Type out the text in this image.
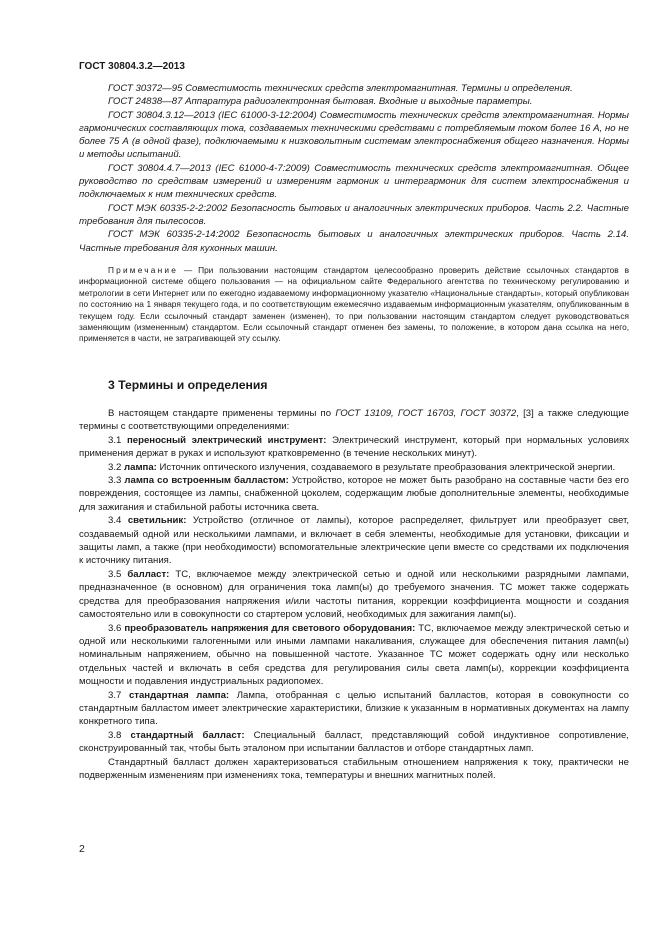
ГОСТ 30804.3.2—2013

ГОСТ 30372—95 Совместимость технических средств электромагнитная. Термины и определения.

ГОСТ 24838—87 Аппаратура радиоэлектронная бытовая. Входные и выходные параметры.

ГОСТ 30804.3.12—2013 (IEC 61000-3-12:2004) Совместимость технических средств электромагнитная. Нормы гармонических составляющих тока, создаваемых техническими средствами с потребляемым током более 16 А, но не более 75 А (в одной фазе), подключаемыми к низковольтным системам электроснабжения общего назначения. Нормы и методы испытаний.

ГОСТ 30804.4.7—2013 (IEC 61000-4-7:2009) Совместимость технических средств электромагнитная. Общее руководство по средствам измерений и измерениям гармоник и интергармоник для систем электроснабжения и подключаемых к ним технических средств.

ГОСТ МЭК 60335-2-2:2002 Безопасность бытовых и аналогичных электрических приборов. Часть 2.2. Частные требования для пылесосов.

ГОСТ МЭК 60335-2-14:2002 Безопасность бытовых и аналогичных электрических приборов. Часть 2.14. Частные требования для кухонных машин.

Примечание — При пользовании настоящим стандартом целесообразно проверить действие ссылочных стандартов в информационной системе общего пользования — на официальном сайте Федерального агентства по техническому регулированию и метрологии в сети Интернет или по ежегодно издаваемому информационному указателю «Национальные стандарты», который опубликован по состоянию на 1 января текущего года, и по соответствующим ежемесячно издаваемым информационным указателям, опубликованным в текущем году. Если ссылочный стандарт заменен (изменен), то при пользовании настоящим стандартом следует руководствоваться заменяющим (измененным) стандартом. Если ссылочный стандарт отменен без замены, то положение, в котором дана ссылка на него, применяется в части, не затрагивающей эту ссылку.

3 Термины и определения

В настоящем стандарте применены термины по ГОСТ 13109, ГОСТ 16703, ГОСТ 30372, [3] а также следующие термины с соответствующими определениями:

3.1 переносный электрический инструмент: Электрический инструмент, который при нормальных условиях применения держат в руках и используют кратковременно (в течение нескольких минут).

3.2 лампа: Источник оптического излучения, создаваемого в результате преобразования электрической энергии.

3.3 лампа со встроенным балластом: Устройство, которое не может быть разобрано на составные части без его повреждения, состоящее из лампы, снабженной цоколем, содержащим любые дополнительные элементы, необходимые для зажигания и стабильной работы источника света.

3.4 светильник: Устройство (отличное от лампы), которое распределяет, фильтрует или преобразует свет, создаваемый одной или несколькими лампами, и включает в себя элементы, необходимые для установки, фиксации и защиты ламп, а также (при необходимости) вспомогательные электрические цепи вместе со средствами их подключения к источнику питания.

3.5 балласт: ТС, включаемое между электрической сетью и одной или несколькими разрядными лампами, предназначенное (в основном) для ограничения тока ламп(ы) до требуемого значения. ТС может также содержать средства для преобразования напряжения и/или частоты питания, коррекции коэффициента мощности и создания самостоятельно или в совокупности со стартером условий, необходимых для зажигания ламп(ы).

3.6 преобразователь напряжения для светового оборудования: ТС, включаемое между электрической сетью и одной или несколькими галогенными или иными лампами накаливания, служащее для обеспечения питания ламп(ы) номинальным напряжением, обычно на повышенной частоте. Указанное ТС может содержать одну или несколько отдельных частей и включать в себя средства для регулирования силы света ламп(ы), коррекции коэффициента мощности и подавления индустриальных радиопомех.

3.7 стандартная лампа: Лампа, отобранная с целью испытаний балластов, которая в совокупности со стандартным балластом имеет электрические характеристики, близкие к указанным в нормативных документах на лампу конкретного типа.

3.8 стандартный балласт: Специальный балласт, представляющий собой индуктивное сопротивление, сконструированный так, чтобы быть эталоном при испытании балластов и отборе стандартных ламп.

Стандартный балласт должен характеризоваться стабильным отношением напряжения к току, практически не подверженным изменениям при изменениях тока, температуры и внешних магнитных полей.

2
